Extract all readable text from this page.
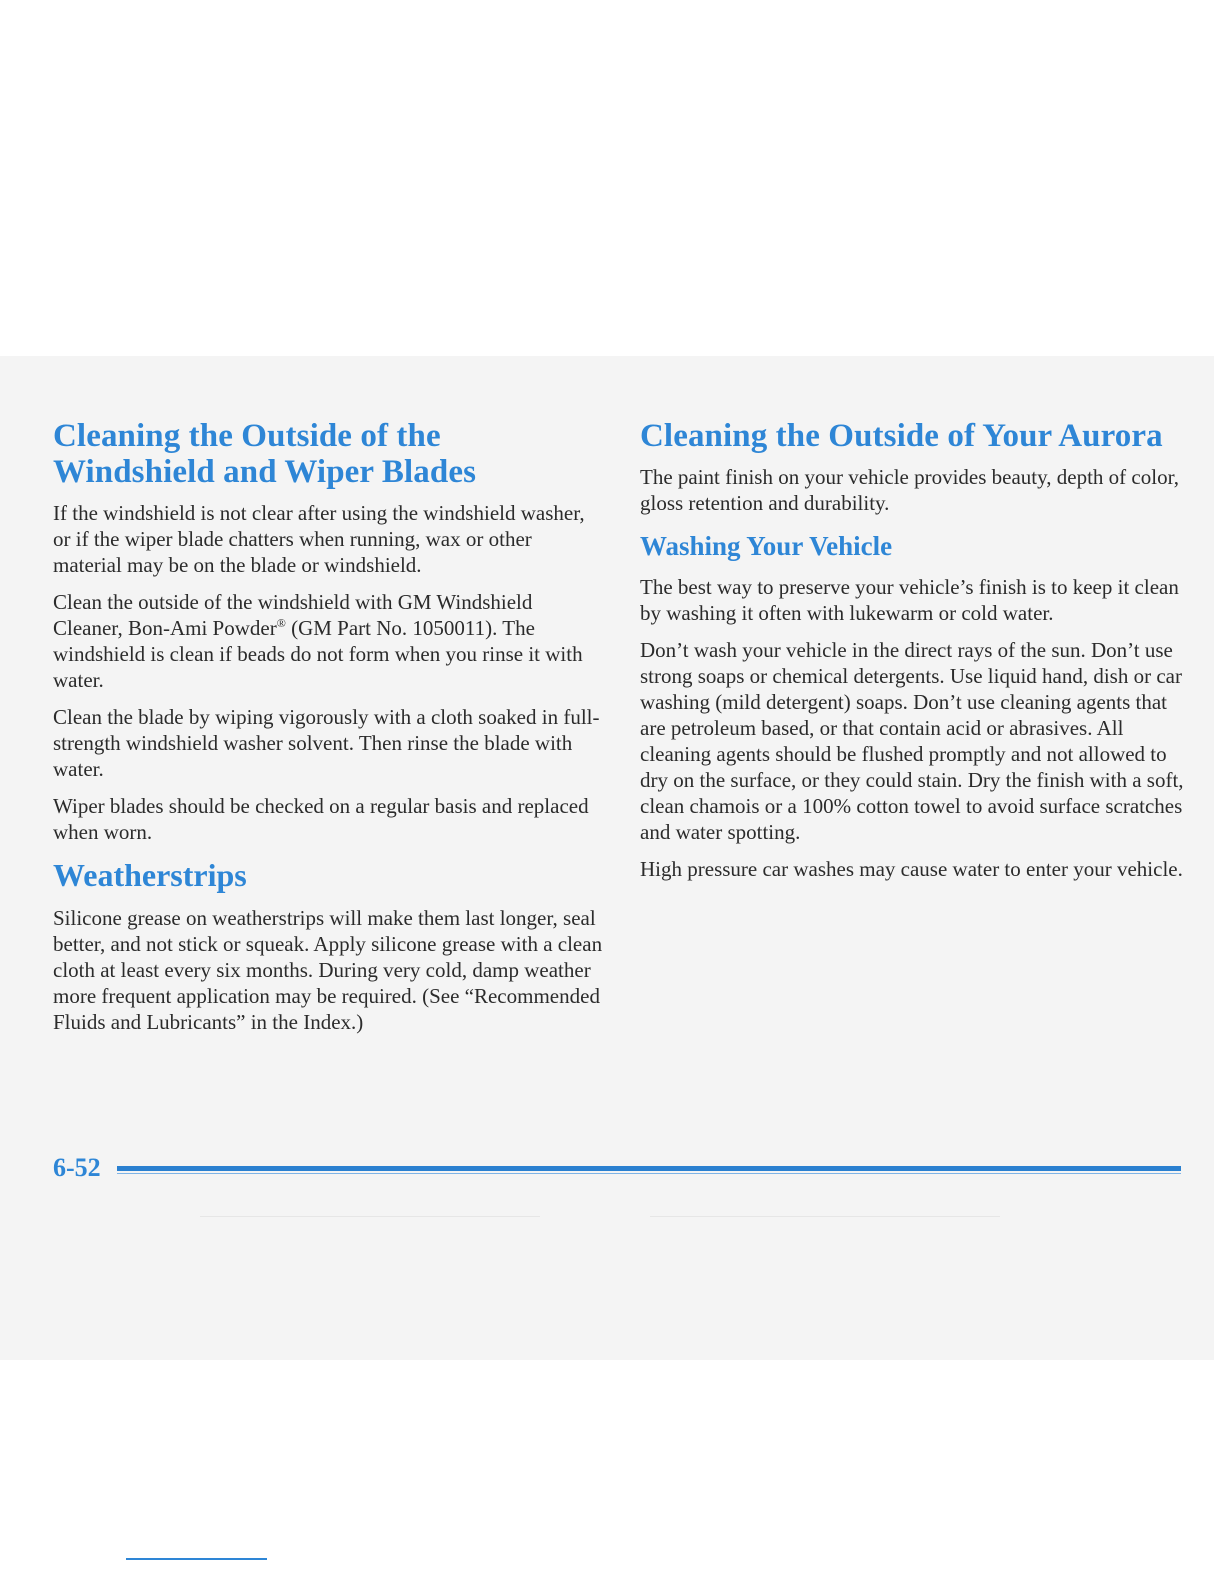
Cleaning the Outside of the Windshield and Wiper Blades

If the windshield is not clear after using the windshield washer, or if the wiper blade chatters when running, wax or other material may be on the blade or windshield.

Clean the outside of the windshield with GM Windshield Cleaner, Bon-Ami Powder® (GM Part No. 1050011). The windshield is clean if beads do not form when you rinse it with water.

Clean the blade by wiping vigorously with a cloth soaked in full-strength windshield washer solvent. Then rinse the blade with water.

Wiper blades should be checked on a regular basis and replaced when worn.

Weatherstrips

Silicone grease on weatherstrips will make them last longer, seal better, and not stick or squeak. Apply silicone grease with a clean cloth at least every six months. During very cold, damp weather more frequent application may be required. (See “Recommended Fluids and Lubricants” in the Index.)

Cleaning the Outside of Your Aurora

The paint finish on your vehicle provides beauty, depth of color, gloss retention and durability.

Washing Your Vehicle

The best way to preserve your vehicle’s finish is to keep it clean by washing it often with lukewarm or cold water.

Don’t wash your vehicle in the direct rays of the sun. Don’t use strong soaps or chemical detergents. Use liquid hand, dish or car washing (mild detergent) soaps. Don’t use cleaning agents that are petroleum based, or that contain acid or abrasives. All cleaning agents should be flushed promptly and not allowed to dry on the surface, or they could stain. Dry the finish with a soft, clean chamois or a 100% cotton towel to avoid surface scratches and water spotting.

High pressure car washes may cause water to enter your vehicle.

6-52
